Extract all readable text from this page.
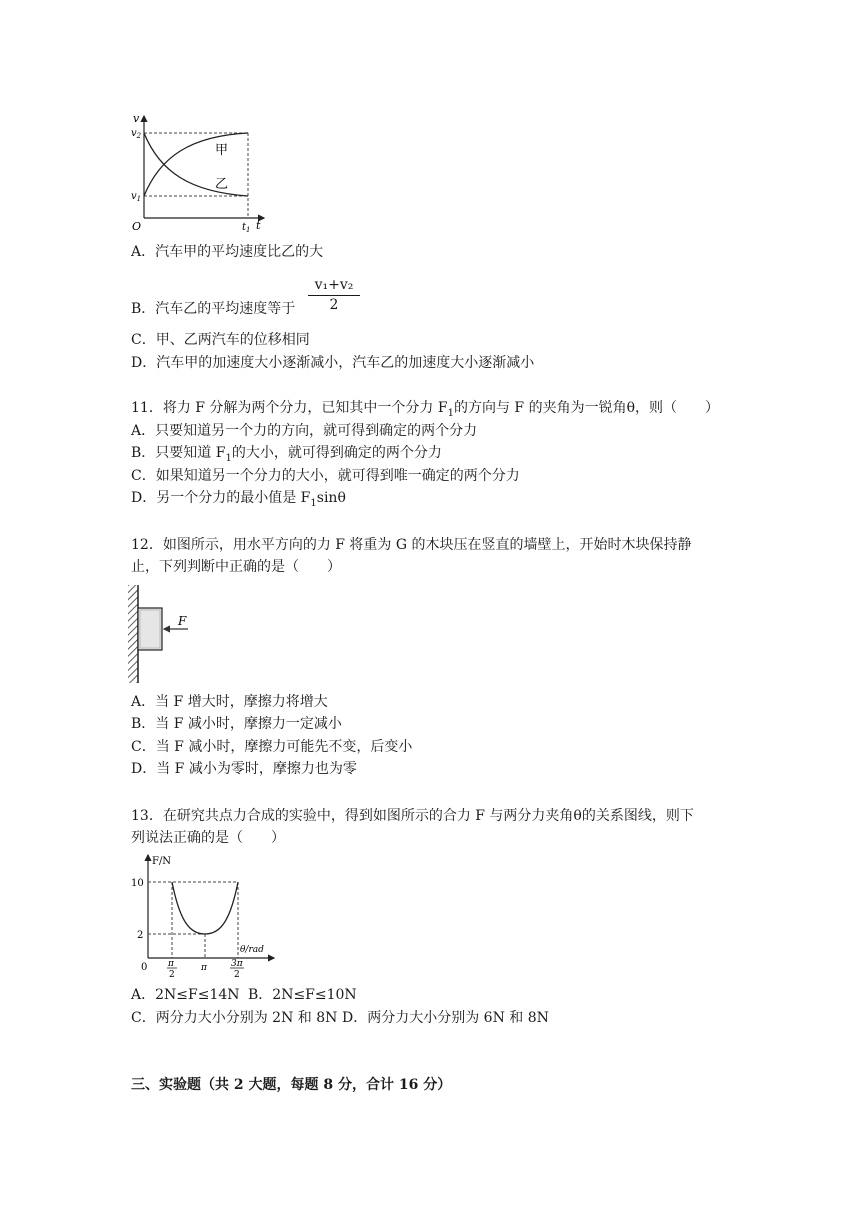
v
t
O
$v_2$
$v_1$
$t_1$
甲
乙
A．汽车甲的平均速度比乙的大
B．汽车乙的平均速度等于 $\frac{\text{v₁+v₂}}{2}$
C．甲、乙两汽车的位移相同
D．汽车甲的加速度大小逐渐减小，汽车乙的加速度大小逐渐减小
11．将力 F 分解为两个分力，已知其中一个分力 $F_1$的方向与 F 的夹角为一锐角θ，则（　　）
A．只要知道另一个力的方向，就可得到确定的两个分力
B．只要知道 $F_1$的大小，就可得到确定的两个分力
C．如果知道另一个分力的大小，就可得到唯一确定的两个分力
D．另一个分力的最小值是 $F_1\sin\theta$
12．如图所示，用水平方向的力 F 将重为 G 的木块压在竖直的墙壁上，开始时木块保持静
止，下列判断中正确的是（　　）
F
A．当 F 增大时，摩擦力将增大
B．当 F 减小时，摩擦力一定减小
C．当 F 减小时，摩擦力可能先不变，后变小
D．当 F 减小为零时，摩擦力也为零
13．在研究共点力合成的实验中，得到如图所示的合力 F 与两分力夹角θ的关系图线，则下
列说法正确的是（　　）
F/N
θ/rad
10
2
0 π
2
π	3π
2
A．2N≤F≤14N B．2N≤F≤10N
C．两分力大小分别为 2N 和 8N D．两分力大小分别为 6N 和 8N
三、实验题（共 2 大题，每题 8 分，合计 16 分）
